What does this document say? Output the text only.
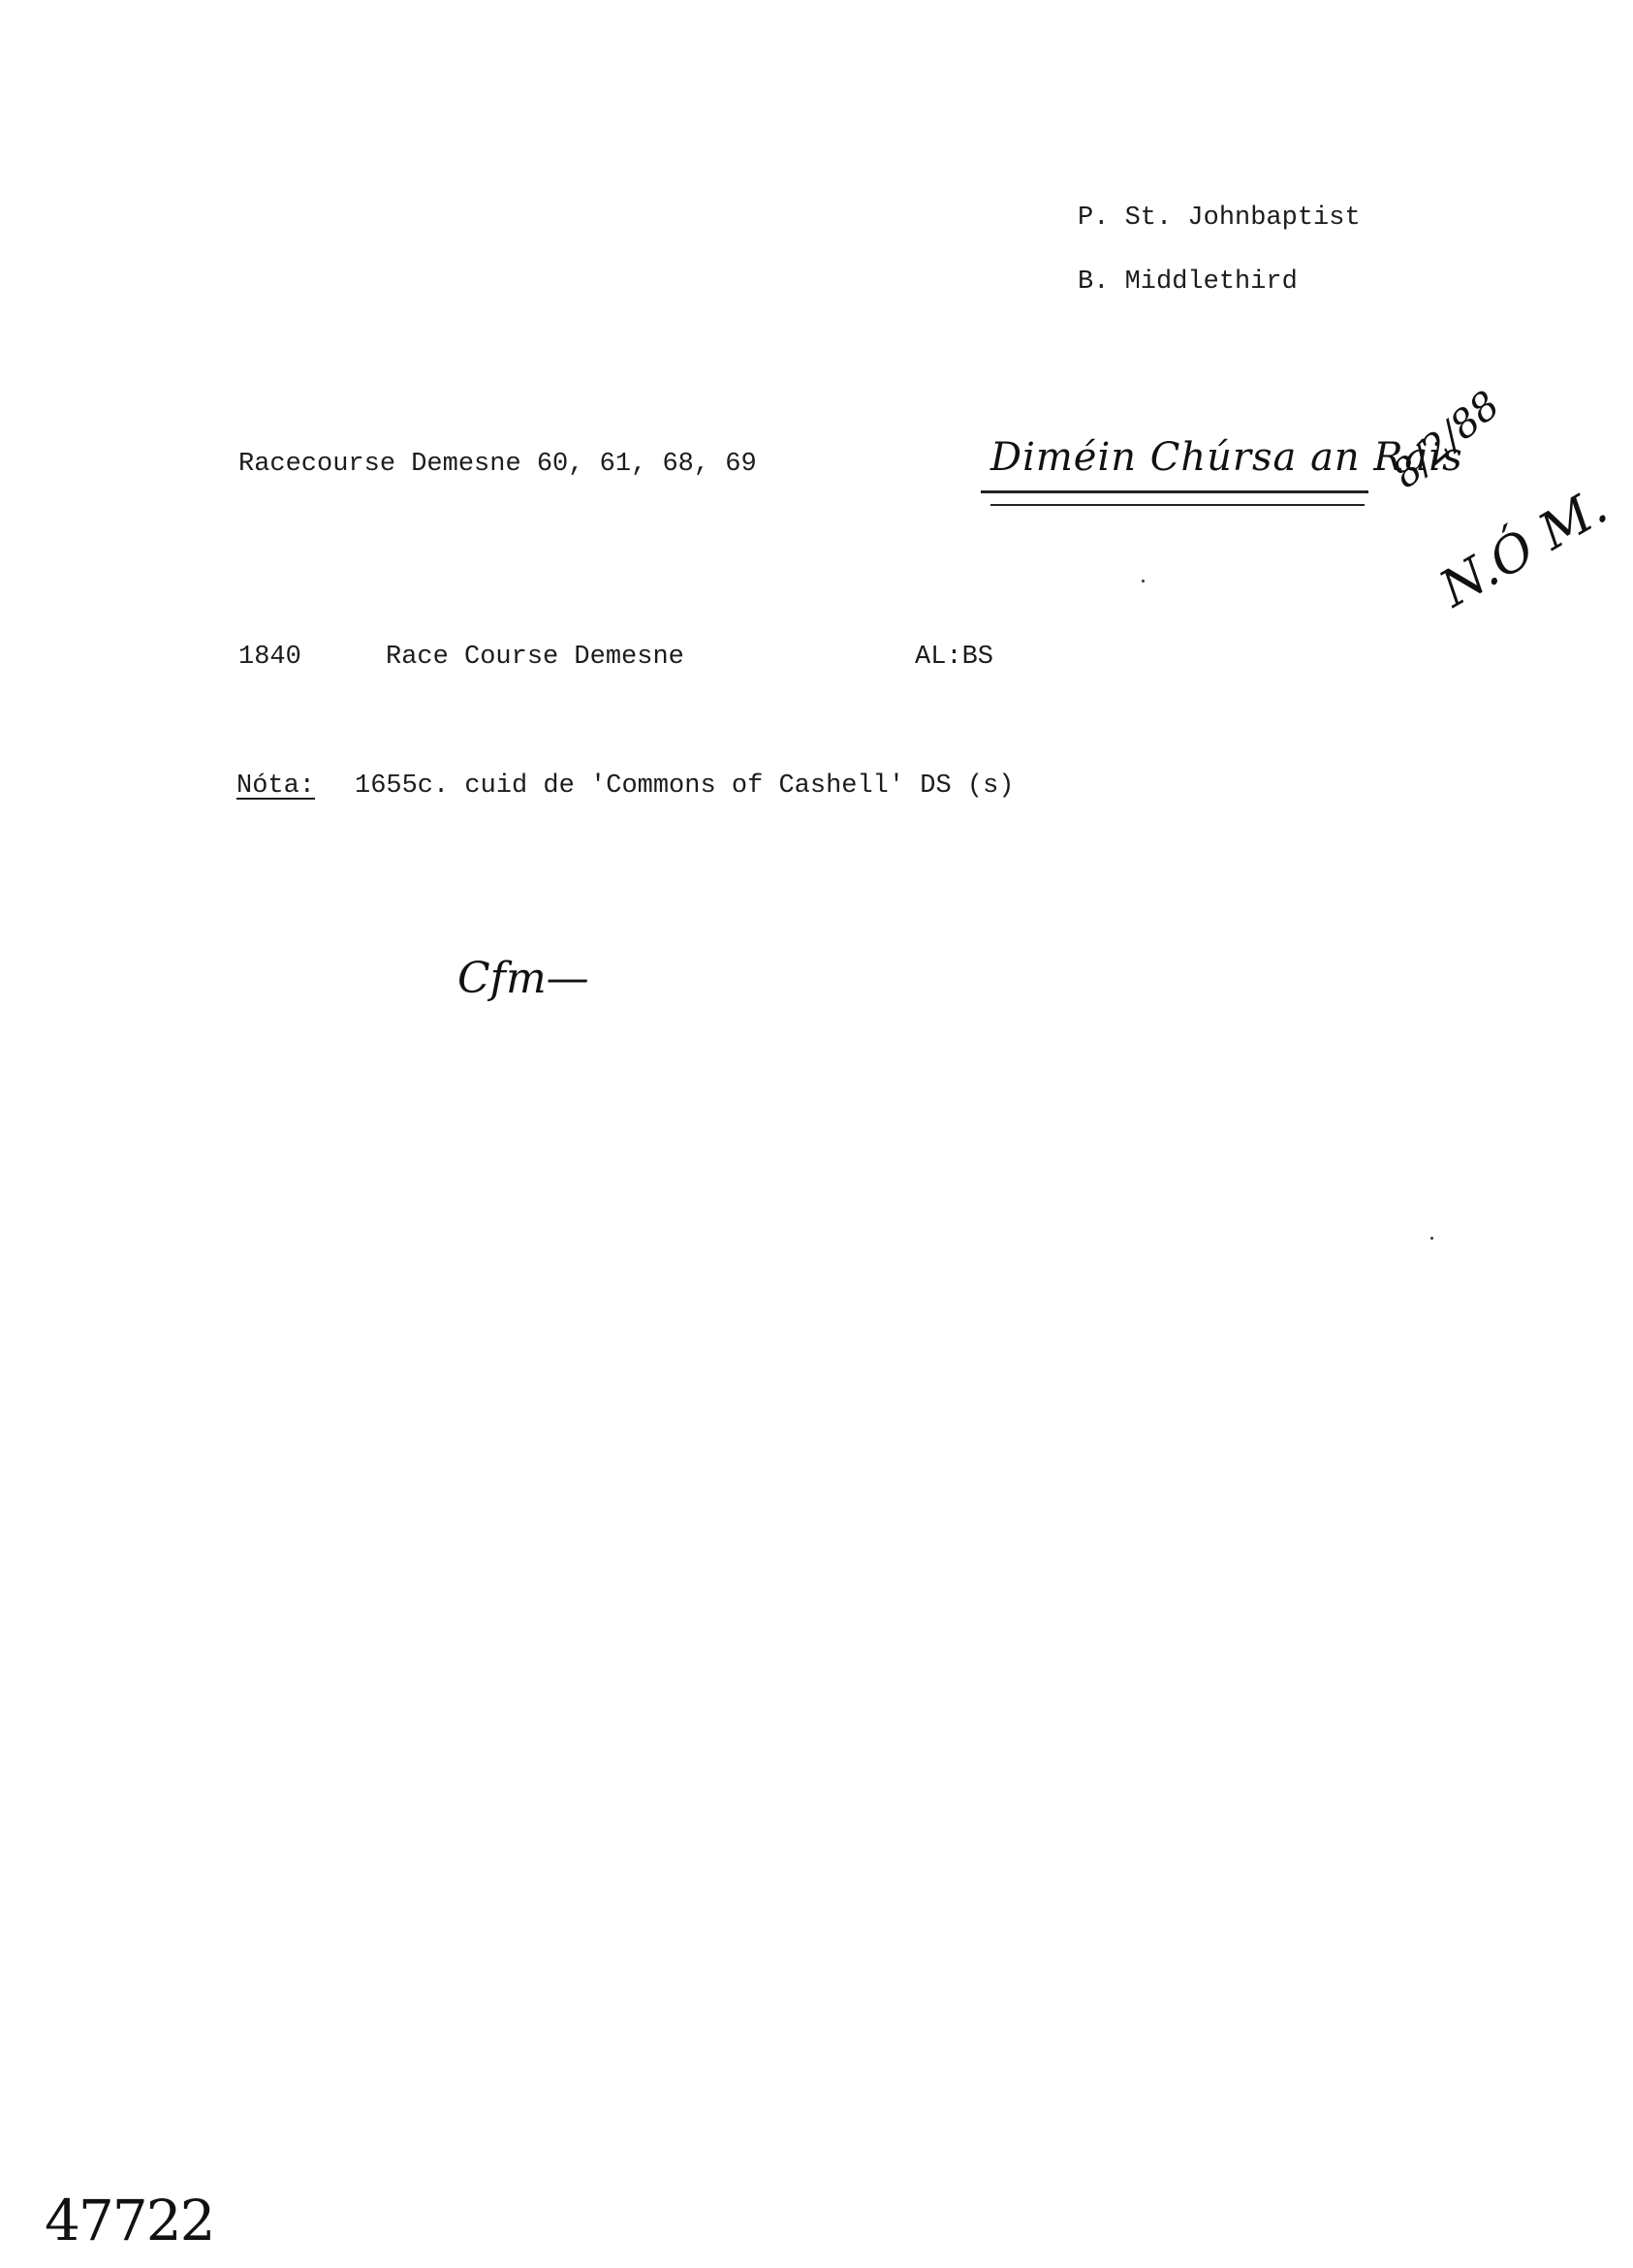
P. St. Johnbaptist
B. Middlethird
Racecourse Demesne 60, 61, 68, 69	Diméin Chúrsa an Ráis
8/2/88
N.Ó M.
1840	Race Course Demesne	AL:BS
Nóta: 1655c. cuid de 'Commons of Cashell' DS (s)
Cfm—
47722
